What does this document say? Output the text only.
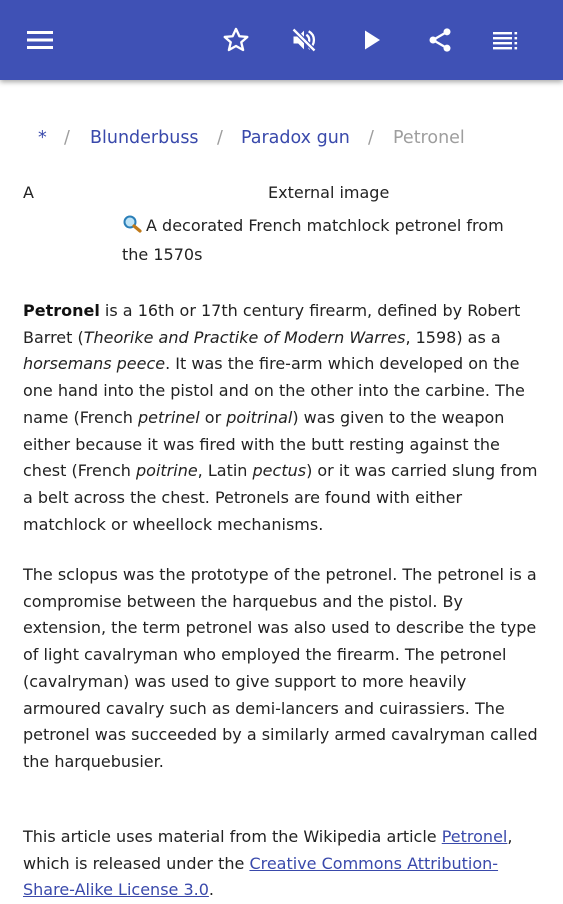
* / Blunderbuss / Paradox gun / Petronel
A	External image
A decorated French matchlock petronel from the 1570s

Petronel is a 16th or 17th century firearm, defined by Robert Barret (Theorike and Practike of Modern Warres, 1598) as a horsemans peece. It was the fire-arm which developed on the one hand into the pistol and on the other into the carbine. The name (French petrinel or poitrinal) was given to the weapon either because it was fired with the butt resting against the chest (French poitrine, Latin pectus) or it was carried slung from a belt across the chest. Petronels are found with either matchlock or wheellock mechanisms.

The sclopus was the prototype of the petronel. The petronel is a compromise between the harquebus and the pistol. By extension, the term petronel was also used to describe the type of light cavalryman who employed the firearm. The petronel (cavalryman) was used to give support to more heavily armoured cavalry such as demi-lancers and cuirassiers. The petronel was succeeded by a similarly armed cavalryman called the harquebusier.

This article uses material from the Wikipedia article Petronel, which is released under the Creative Commons Attribution-Share-Alike License 3.0.
